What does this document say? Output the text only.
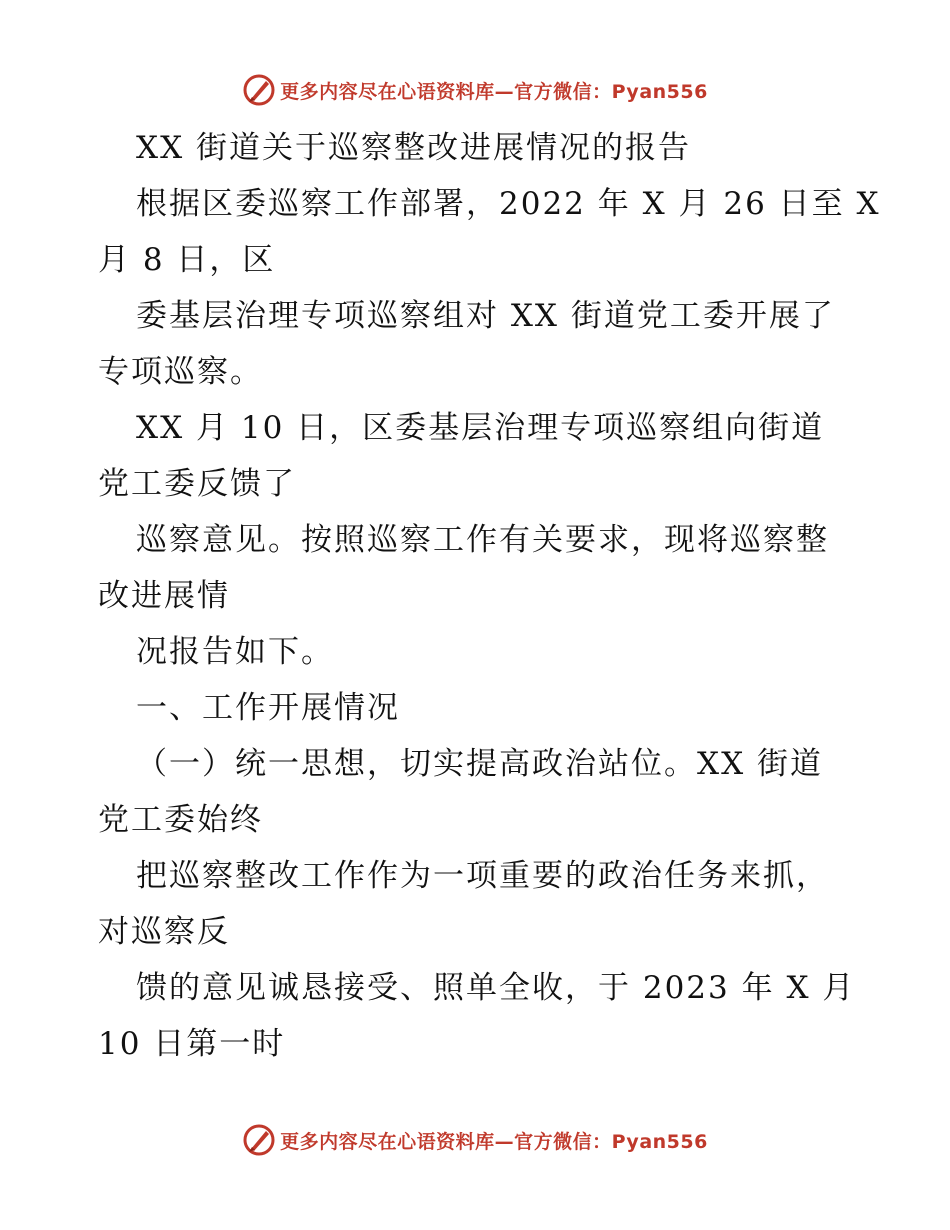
更多内容尽在心语资料库—官方微信：Pyan556
XX 街道关于巡察整改进展情况的报告
根据区委巡察工作部署，2022 年 X 月 26 日至 X
月 8 日，区
委基层治理专项巡察组对 XX 街道党工委开展了
专项巡察。
XX 月 10 日，区委基层治理专项巡察组向街道
党工委反馈了
巡察意见。按照巡察工作有关要求，现将巡察整
改进展情
况报告如下。
一、工作开展情况
（一）统一思想，切实提高政治站位。XX 街道
党工委始终
把巡察整改工作作为一项重要的政治任务来抓，
对巡察反
馈的意见诚恳接受、照单全收，于 2023 年 X 月
10 日第一时
更多内容尽在心语资料库—官方微信：Pyan556
